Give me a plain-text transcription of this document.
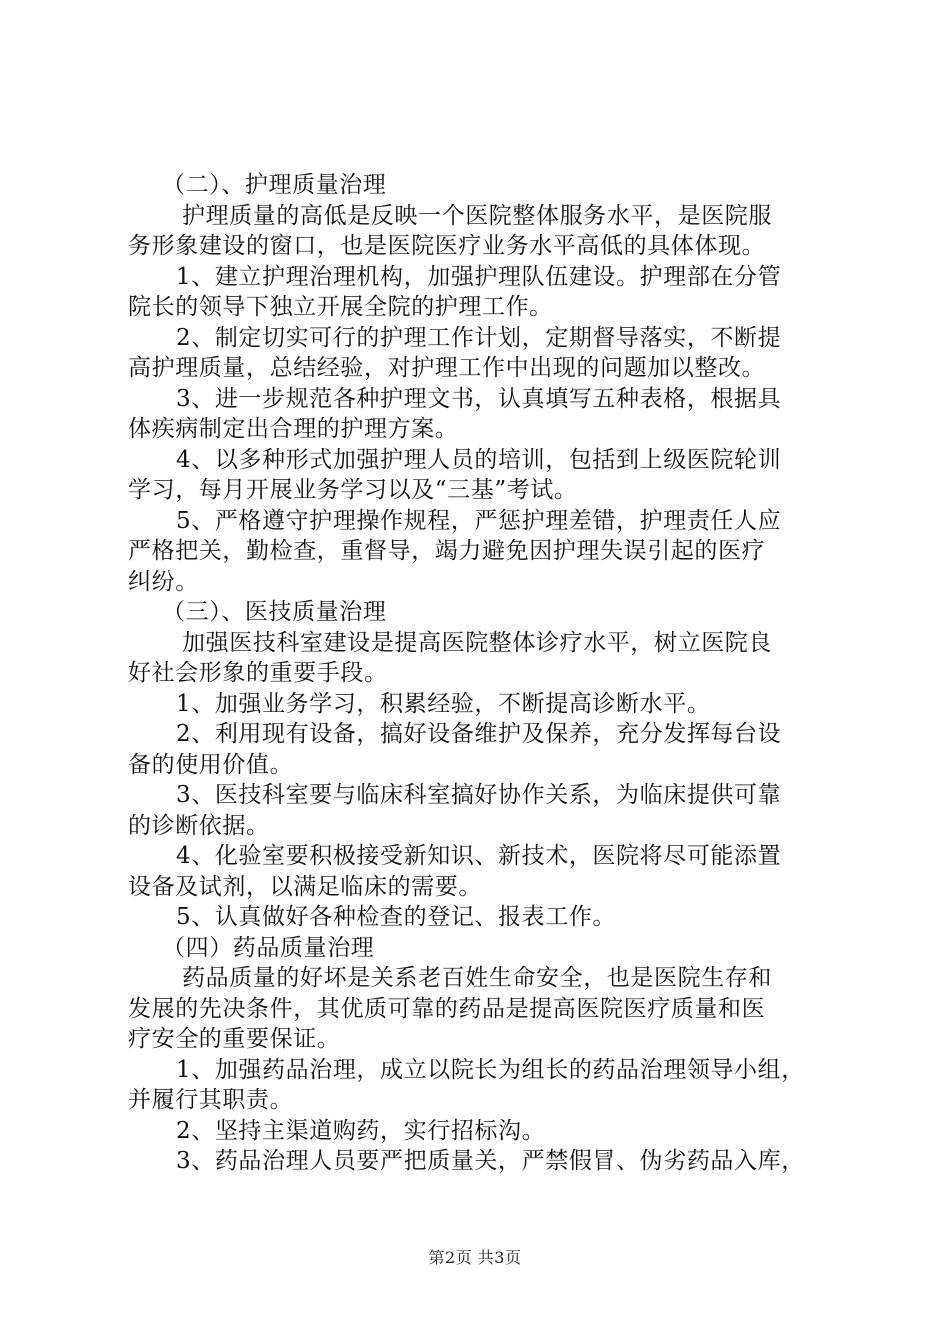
（二）、护理质量治理
护理质量的高低是反映一个医院整体服务水平，是医院服
务形象建设的窗口，也是医院医疗业务水平高低的具体体现。
1、建立护理治理机构，加强护理队伍建设。护理部在分管
院长的领导下独立开展全院的护理工作。
2、制定切实可行的护理工作计划，定期督导落实，不断提
高护理质量，总结经验，对护理工作中出现的问题加以整改。
3、进一步规范各种护理文书，认真填写五种表格，根据具
体疾病制定出合理的护理方案。
4、以多种形式加强护理人员的培训，包括到上级医院轮训
学习，每月开展业务学习以及“三基”考试。
5、严格遵守护理操作规程，严惩护理差错，护理责任人应
严格把关，勤检查，重督导，竭力避免因护理失误引起的医疗
纠纷。
（三）、医技质量治理
加强医技科室建设是提高医院整体诊疗水平，树立医院良
好社会形象的重要手段。
1、加强业务学习，积累经验，不断提高诊断水平。
2、利用现有设备，搞好设备维护及保养，充分发挥每台设
备的使用价值。
3、医技科室要与临床科室搞好协作关系，为临床提供可靠
的诊断依据。
4、化验室要积极接受新知识、新技术，医院将尽可能添置
设备及试剂，以满足临床的需要。
5、认真做好各种检查的登记、报表工作。
（四）药品质量治理
药品质量的好坏是关系老百姓生命安全，也是医院生存和
发展的先决条件，其优质可靠的药品是提高医院医疗质量和医
疗安全的重要保证。
1、加强药品治理，成立以院长为组长的药品治理领导小组，
并履行其职责。
2、坚持主渠道购药，实行招标沟。
3、药品治理人员要严把质量关，严禁假冒、伪劣药品入库，
第2页 共3页
